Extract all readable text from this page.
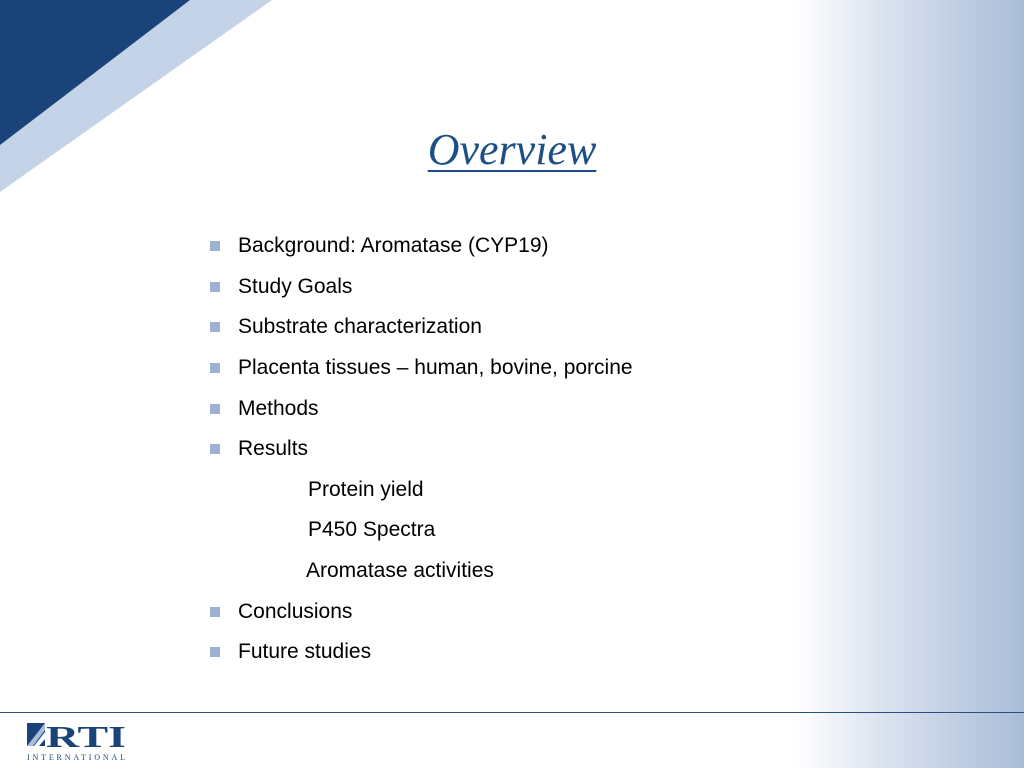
Overview
Background: Aromatase (CYP19)
Study Goals
Substrate characterization
Placenta tissues – human, bovine, porcine
Methods
Results
Protein yield
P450 Spectra
Aromatase activities
Conclusions
Future studies
RTI
INTERNATIONAL
